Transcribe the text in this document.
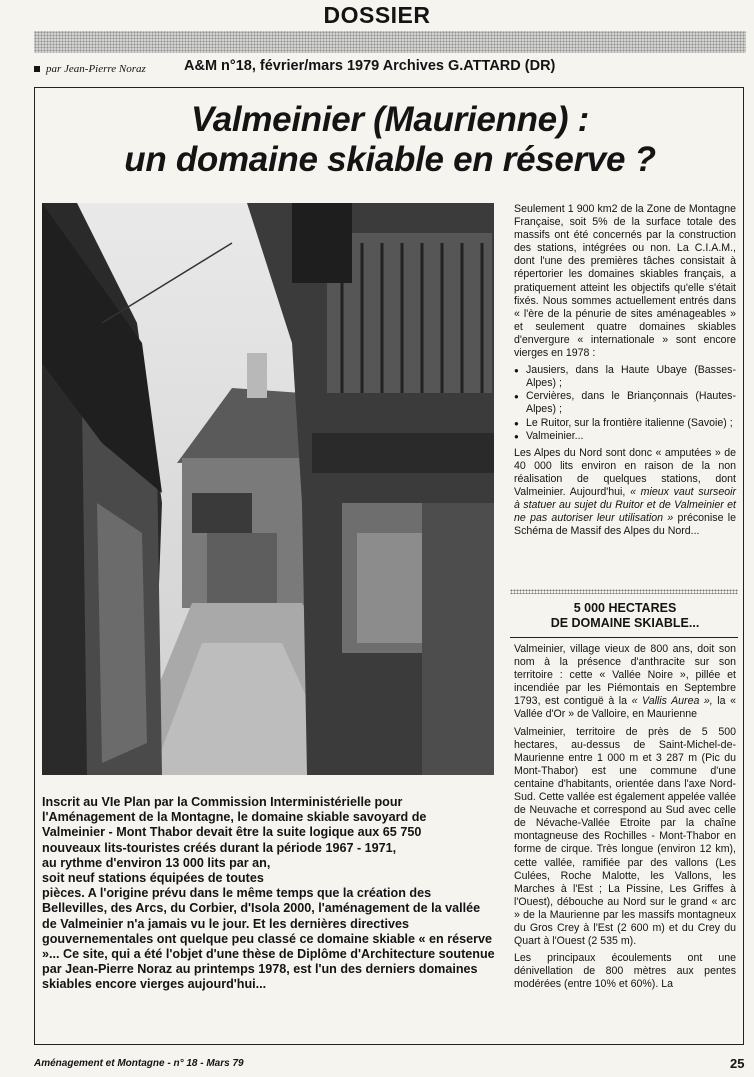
DOSSIER
par Jean-Pierre Noraz	A&M n°18, février/mars 1979 Archives G.ATTARD (DR)
Valmeinier (Maurienne) :
un domaine skiable en réserve ?

Seulement 1 900 km2 de la Zone de Montagne Française, soit 5% de la surface totale des massifs ont été concernés par la construction des stations, intégrées ou non. La C.I.A.M., dont l'une des premières tâches consistait à répertorier les domaines skiables français, a pratiquement atteint les objectifs qu'elle s'était fixés. Nous sommes actuellement entrés dans « l'ère de la pénurie de sites aménageables » et seulement quatre domaines skiables d'envergure « internationale » sont encore vierges en 1978 :

● Jausiers, dans la Haute Ubaye (Basses-Alpes) ;
● Cervières, dans le Briançonnais (Hautes-Alpes) ;
● Le Ruitor, sur la frontière italienne (Savoie) ;
● Valmeinier...

Les Alpes du Nord sont donc « amputées » de 40 000 lits environ en raison de la non réalisation de quelques stations, dont Valmeinier. Aujourd'hui, « mieux vaut surseoir à statuer au sujet du Ruitor et de Valmeinier et ne pas autoriser leur utilisation » préconise le Schéma de Massif des Alpes du Nord...

5 000 HECTARES
DE DOMAINE SKIABLE...

Valmeinier, village vieux de 800 ans, doit son nom à la présence d'anthracite sur son territoire : cette « Vallée Noire », pillée et incendiée par les Piémontais en Septembre 1793, est contiguë à la « Vallis Aurea », la « Vallée d'Or » de Valloire, en Maurienne

Valmeinier, territoire de près de 5 500 hectares, au-dessus de Saint-Michel-de-Maurienne entre 1 000 m et 3 287 m (Pic du Mont-Thabor) est une commune d'une centaine d'habitants, orientée dans l'axe Nord-Sud. Cette vallée est également appelée vallée de Neuvache et correspond au Sud avec celle de Névache-Vallée Etroite par la chaîne montagneuse des Rochilles - Mont-Thabor en forme de cirque. Très longue (environ 12 km), cette vallée, ramifiée par des vallons (Les Culées, Roche Malotte, les Vallons, les Marches à l'Est ; La Pissine, Les Griffes à l'Ouest), débouche au Nord sur le grand « arc » de la Maurienne par les massifs montagneux du Gros Crey à l'Est (2 600 m) et du Crey du Quart à l'Ouest (2 535 m).

Les principaux écoulements ont une dénivellation de 800 mètres aux pentes modérées (entre 10% et 60%). La

Inscrit au VIe Plan par la Commission Interministérielle pour

l'Aménagement de la Montagne, le domaine skiable savoyard de

Valmeinier - Mont Thabor devait être la suite logique aux 65 750

nouveaux lits-touristes créés durant la période 1967 - 1971,

au rythme d'environ 13 000 lits par an,

soit neuf stations équipées de toutes

pièces. A l'origine prévu dans le même temps que la création des Bellevilles, des Arcs, du Corbier, d'Isola 2000, l'aménagement de la vallée de Valmeinier n'a jamais vu le jour. Et les dernières directives gouvernementales ont quelque peu classé ce domaine skiable « en réserve »... Ce site, qui a été l'objet d'une thèse de Diplôme d'Architecture soutenue par Jean-Pierre Noraz au printemps 1978, est l'un des derniers domaines skiables encore vierges aujourd'hui...

Aménagement et Montagne - n° 18 - Mars 79	25
